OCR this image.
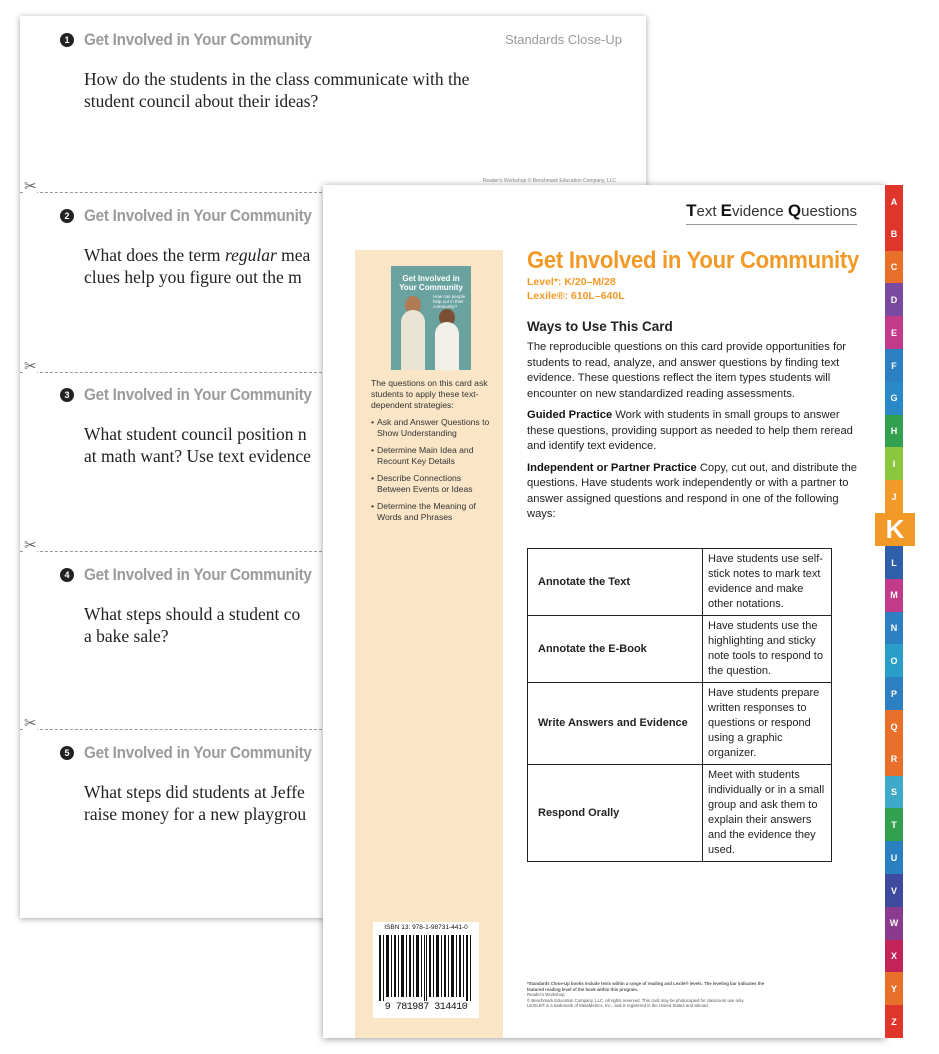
Standards Close-Up
Reader's Workshop © Benchmark Education Company, LLC
1 Get Involved in Your Community
How do the students in the class communicate with the student council about their ideas?
✂
2 Get Involved in Your Community
What does the term regular mea
clues help you figure out the m
✂
3 Get Involved in Your Community
What student council position n
at math want? Use text evidence
✂
4 Get Involved in Your Community
What steps should a student co
a bake sale?
✂
5 Get Involved in Your Community
What steps did students at Jeffe
raise money for a new playgrou
Text Evidence Questions
Get Involved in Your Community
How can people help out in their community?
The questions on this card ask students to apply these text-dependent strategies:
• Ask and Answer Questions to Show Understanding
• Determine Main Idea and Recount Key Details
• Describe Connections Between Events or Ideas
• Determine the Meaning of Words and Phrases
ISBN 13: 978-1-98731-441-0
9 781987 314410
Get Involved in Your Community
Level*: K/20–M/28
Lexile®: 610L–640L
Ways to Use This Card
The reproducible questions on this card provide opportunities for students to read, analyze, and answer questions by finding text evidence. These questions reflect the item types students will encounter on new standardized reading assessments.
Guided Practice Work with students in small groups to answer these questions, providing support as needed to help them reread and identify text evidence.
Independent or Partner Practice Copy, cut out, and distribute the questions. Have students work independently or with a partner to answer assigned questions and respond in one of the following ways:
Annotate the Text	Have students use self-stick notes to mark text evidence and make other notations.
Annotate the E-Book	Have students use the highlighting and sticky note tools to respond to the question.
Write Answers and Evidence	Have students prepare written responses to questions or respond using a graphic organizer.
Respond Orally	Meet with students individually or in a small group and ask them to explain their answers and the evidence they used.
*Standards Close-Up books include texts within a range of reading and Lexile® levels. The leveling bar indicates the featured reading level of the book within this program.
Reader's Workshop
© Benchmark Education Company, LLC. All rights reserved. This card may be photocopied for classroom use only.
LEXILE® is a trademark of MetaMetrics, Inc., and is registered in the United States and abroad.
A
B
C
D
E
F
G
H
I
J
K
L
M
N
O
P
Q
R
S
T
U
V
W
X
Y
Z
